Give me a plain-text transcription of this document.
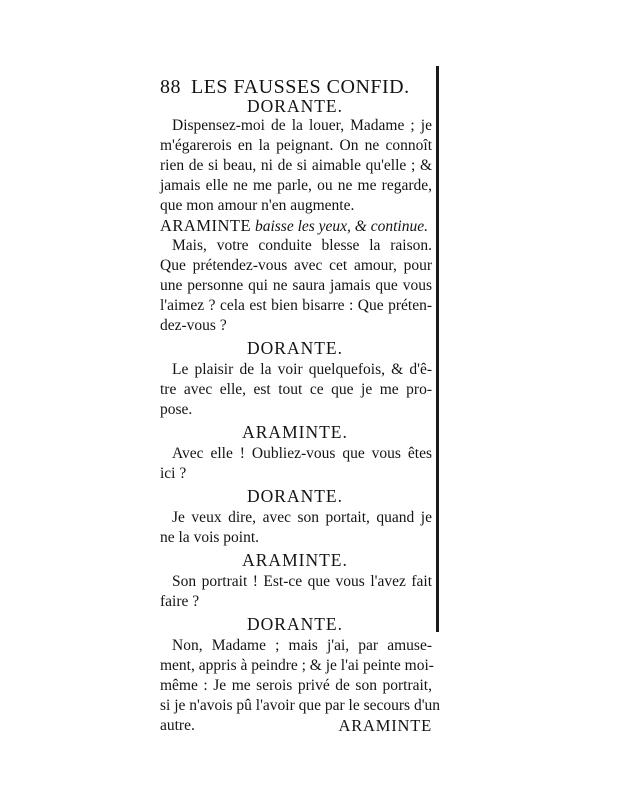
88 LES FAUSSES CONFID.
DORANTE.
Dispensez-moi de la louer, Madame ; je
m'égarerois en la peignant. On ne connoît
rien de si beau, ni de si aimable qu'elle ; &
jamais elle ne me parle, ou ne me regarde,
que mon amour n'en augmente.
ARAMINTE baisse les yeux, & continue.
Mais, votre conduite blesse la raison.
Que prétendez-vous avec cet amour, pour
une personne qui ne saura jamais que vous
l'aimez ? cela est bien bisarre : Que préten-
dez-vous ?
DORANTE.
Le plaisir de la voir quelquefois, & d'ê-
tre avec elle, est tout ce que je me pro-
pose.
ARAMINTE.
Avec elle ! Oubliez-vous que vous êtes
ici ?
DORANTE.
Je veux dire, avec son portait, quand je
ne la vois point.
ARAMINTE.
Son portrait ! Est-ce que vous l'avez fait
faire ?
DORANTE.
Non, Madame ; mais j'ai, par amuse-
ment, appris à peindre ; & je l'ai peinte moi-
même : Je me serois privé de son portrait,
si je n'avois pû l'avoir que par le secours d'un
autre.	ARAMINTE
